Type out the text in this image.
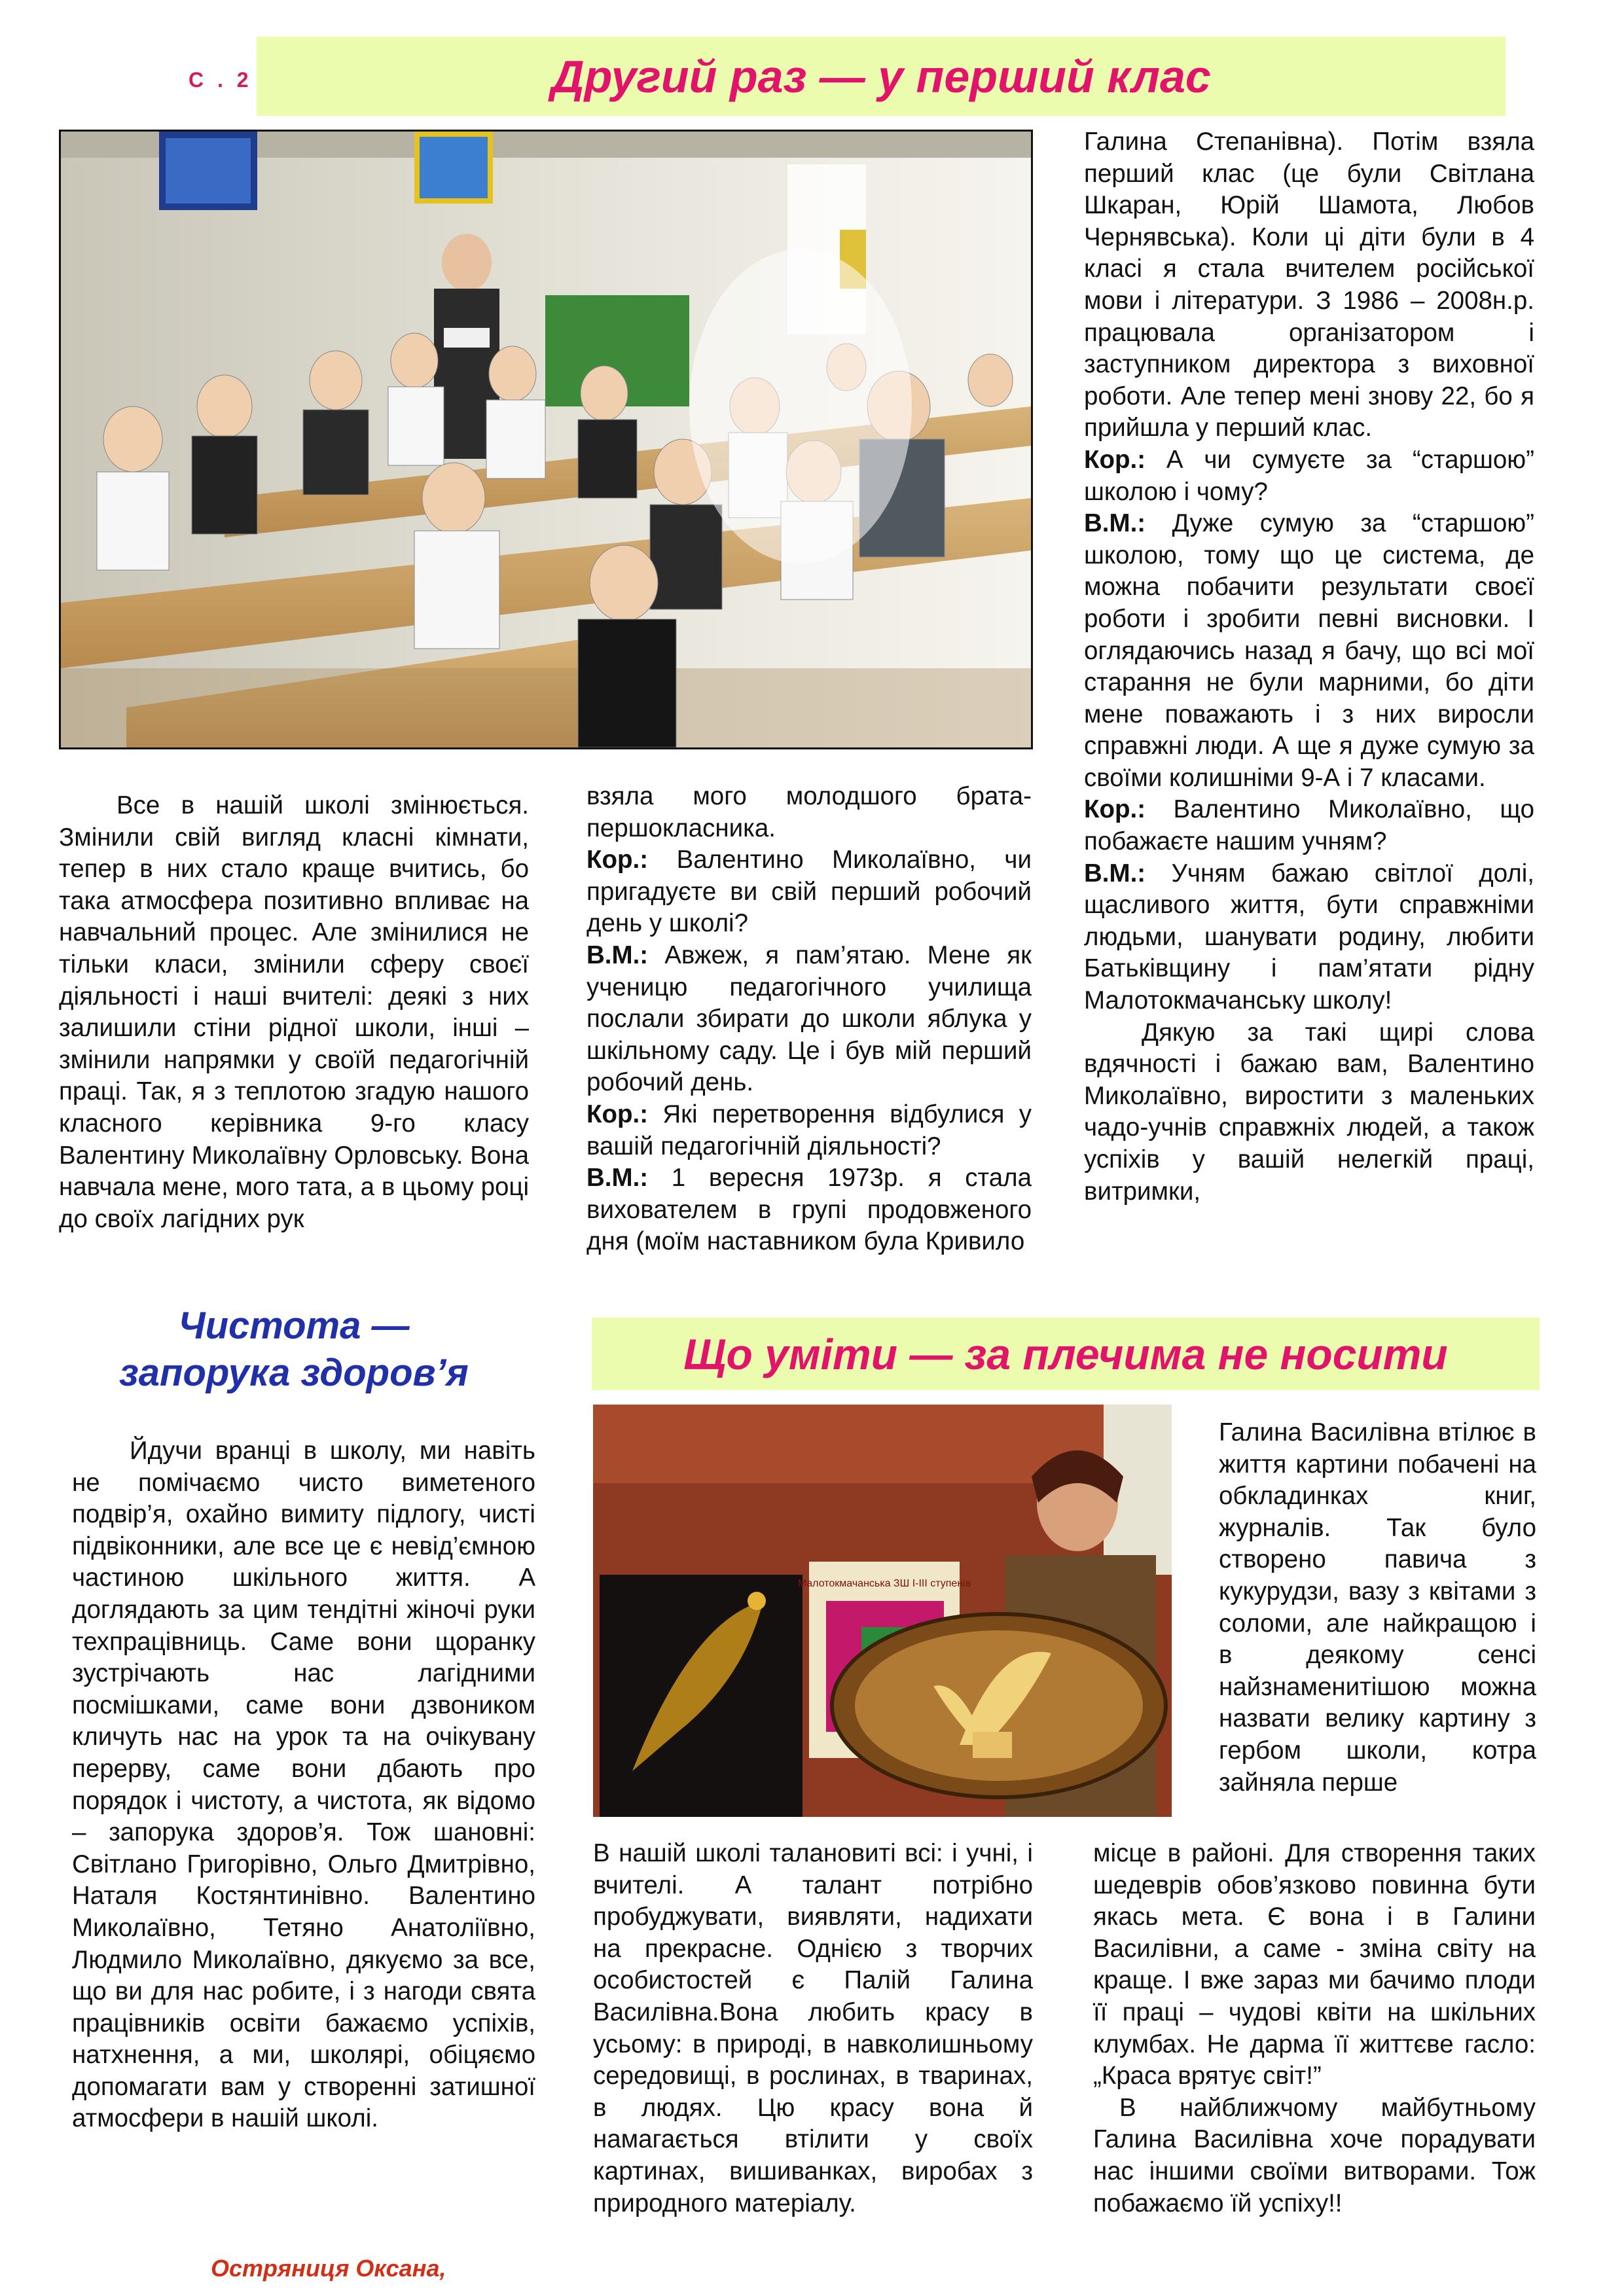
С . 2	Другий раз — у перший клас

Все в нашій школі змінюється. Змінили свій вигляд класні кімнати, тепер в них стало краще вчитись, бо така атмосфера позитивно впливає на навчальний процес. Але змінилися не тільки класи, змінили сферу своєї діяльності і наші вчителі: деякі з них залишили стіни рідної школи, інші – змінили напрямки у своїй педагогічній праці. Так, я з теплотою згадую нашого класного керівника 9-го класу Валентину Миколаївну Орловську. Вона навчала мене, мого тата, а в цьому році до своїх лагідних рук

взяла мого молодшого брата-першокласника.

Кор.: Валентино Миколаївно, чи пригадуєте ви свій перший робочий день у школі?

В.М.: Авжеж, я пам’ятаю. Мене як ученицю педагогічного училища послали збирати до школи яблука у шкільному саду. Це і був мій перший робочий день.

Кор.: Які перетворення відбулися у вашій педагогічній діяльності?

В.М.: 1 вересня 1973р. я стала вихователем в групі продовженого дня (моїм наставником була Кривило

Галина Степанівна). Потім взяла перший клас (це були Світлана Шкаран, Юрій Шамота, Любов Чернявська). Коли ці діти були в 4 класі я стала вчителем російської мови і літератури. З 1986 – 2008н.р. працювала організатором і заступником директора з виховної роботи. Але тепер мені знову 22, бо я прийшла у перший клас.

Кор.: А чи сумуєте за “старшою” школою і чому?

В.М.: Дуже сумую за “старшою” школою, тому що це система, де можна побачити результати своєї роботи і зробити певні висновки. І оглядаючись назад я бачу, що всі мої старання не були марними, бо діти мене поважають і з них виросли справжні люди. А ще я дуже сумую за своїми колишніми 9-А і 7 класами.

Кор.: Валентино Миколаївно, що побажаєте нашим учням?

В.М.: Учням бажаю світлої долі, щасливого життя, бути справжніми людьми, шанувати родину, любити Батьківщину і пам’ятати рідну Малотокмачанську школу!

Дякую за такі щирі слова вдячності і бажаю вам, Валентино Миколаївно, виростити з маленьких чадо-учнів справжніх людей, а також успіхів у вашій нелегкій праці, витримки,

Чистота —
запорука здоров’я

Йдучи вранці в школу, ми навіть не помічаємо чисто виметеного подвір’я, охайно вимиту підлогу, чисті підвіконники, але все це є невід’ємною частиною шкільного життя. А доглядають за цим тендітні жіночі руки техпрацівниць. Саме вони щоранку зустрічають нас лагідними посмішками, саме вони дзвоником кличуть нас на урок та на очікувану перерву, саме вони дбають про порядок і чистоту, а чистота, як відомо – запорука здоров’я. Тож шановні: Світлано Григорівно, Ольго Дмитрівно, Наталя Костянтинівно. Валентино Миколаївно, Тетяно Анатоліївно, Людмило Миколаївно, дякуємо за все, що ви для нас робите, і з нагоди свята працівників освіти бажаємо успіхів, натхнення, а ми, школярі, обіцяємо допомагати вам у створенні затишної атмосфери в нашій школі.

Остряниця Оксана,
Що уміти — за плечима не носити
Малотокмачанська ЗШ І-ІІІ ступенів

В нашій школі талановиті всі: і учні, і вчителі. А талант потрібно пробуджувати, виявляти, надихати на прекрасне. Однією з творчих особистостей є Палій Галина Василівна.Вона любить красу в усьому: в природі, в навколишньому середовищі, в рослинах, в тваринах, в людях. Цю красу вона й намагається втілити у своїх картинах, вишиванках, виробах з природного матеріалу.

Галина Василівна втілює в життя картини побачені на обкладинках книг, журналів. Так було створено павича з кукурудзи, вазу з квітами з соломи, але найкращою і в деякому сенсі найзнаменитішою можна назвати велику картину з гербом школи, котра зайняла перше

місце в районі. Для створення таких шедеврів обов’язково повинна бути якась мета. Є вона і в Галини Василівни, а саме - зміна світу на краще. І вже зараз ми бачимо плоди її праці – чудові квіти на шкільних клумбах. Не дарма її життєве гасло: „Краса врятує світ!”

В найближчому майбутньому Галина Василівна хоче порадувати нас іншими своїми витворами. Тож побажаємо їй успіху!!
